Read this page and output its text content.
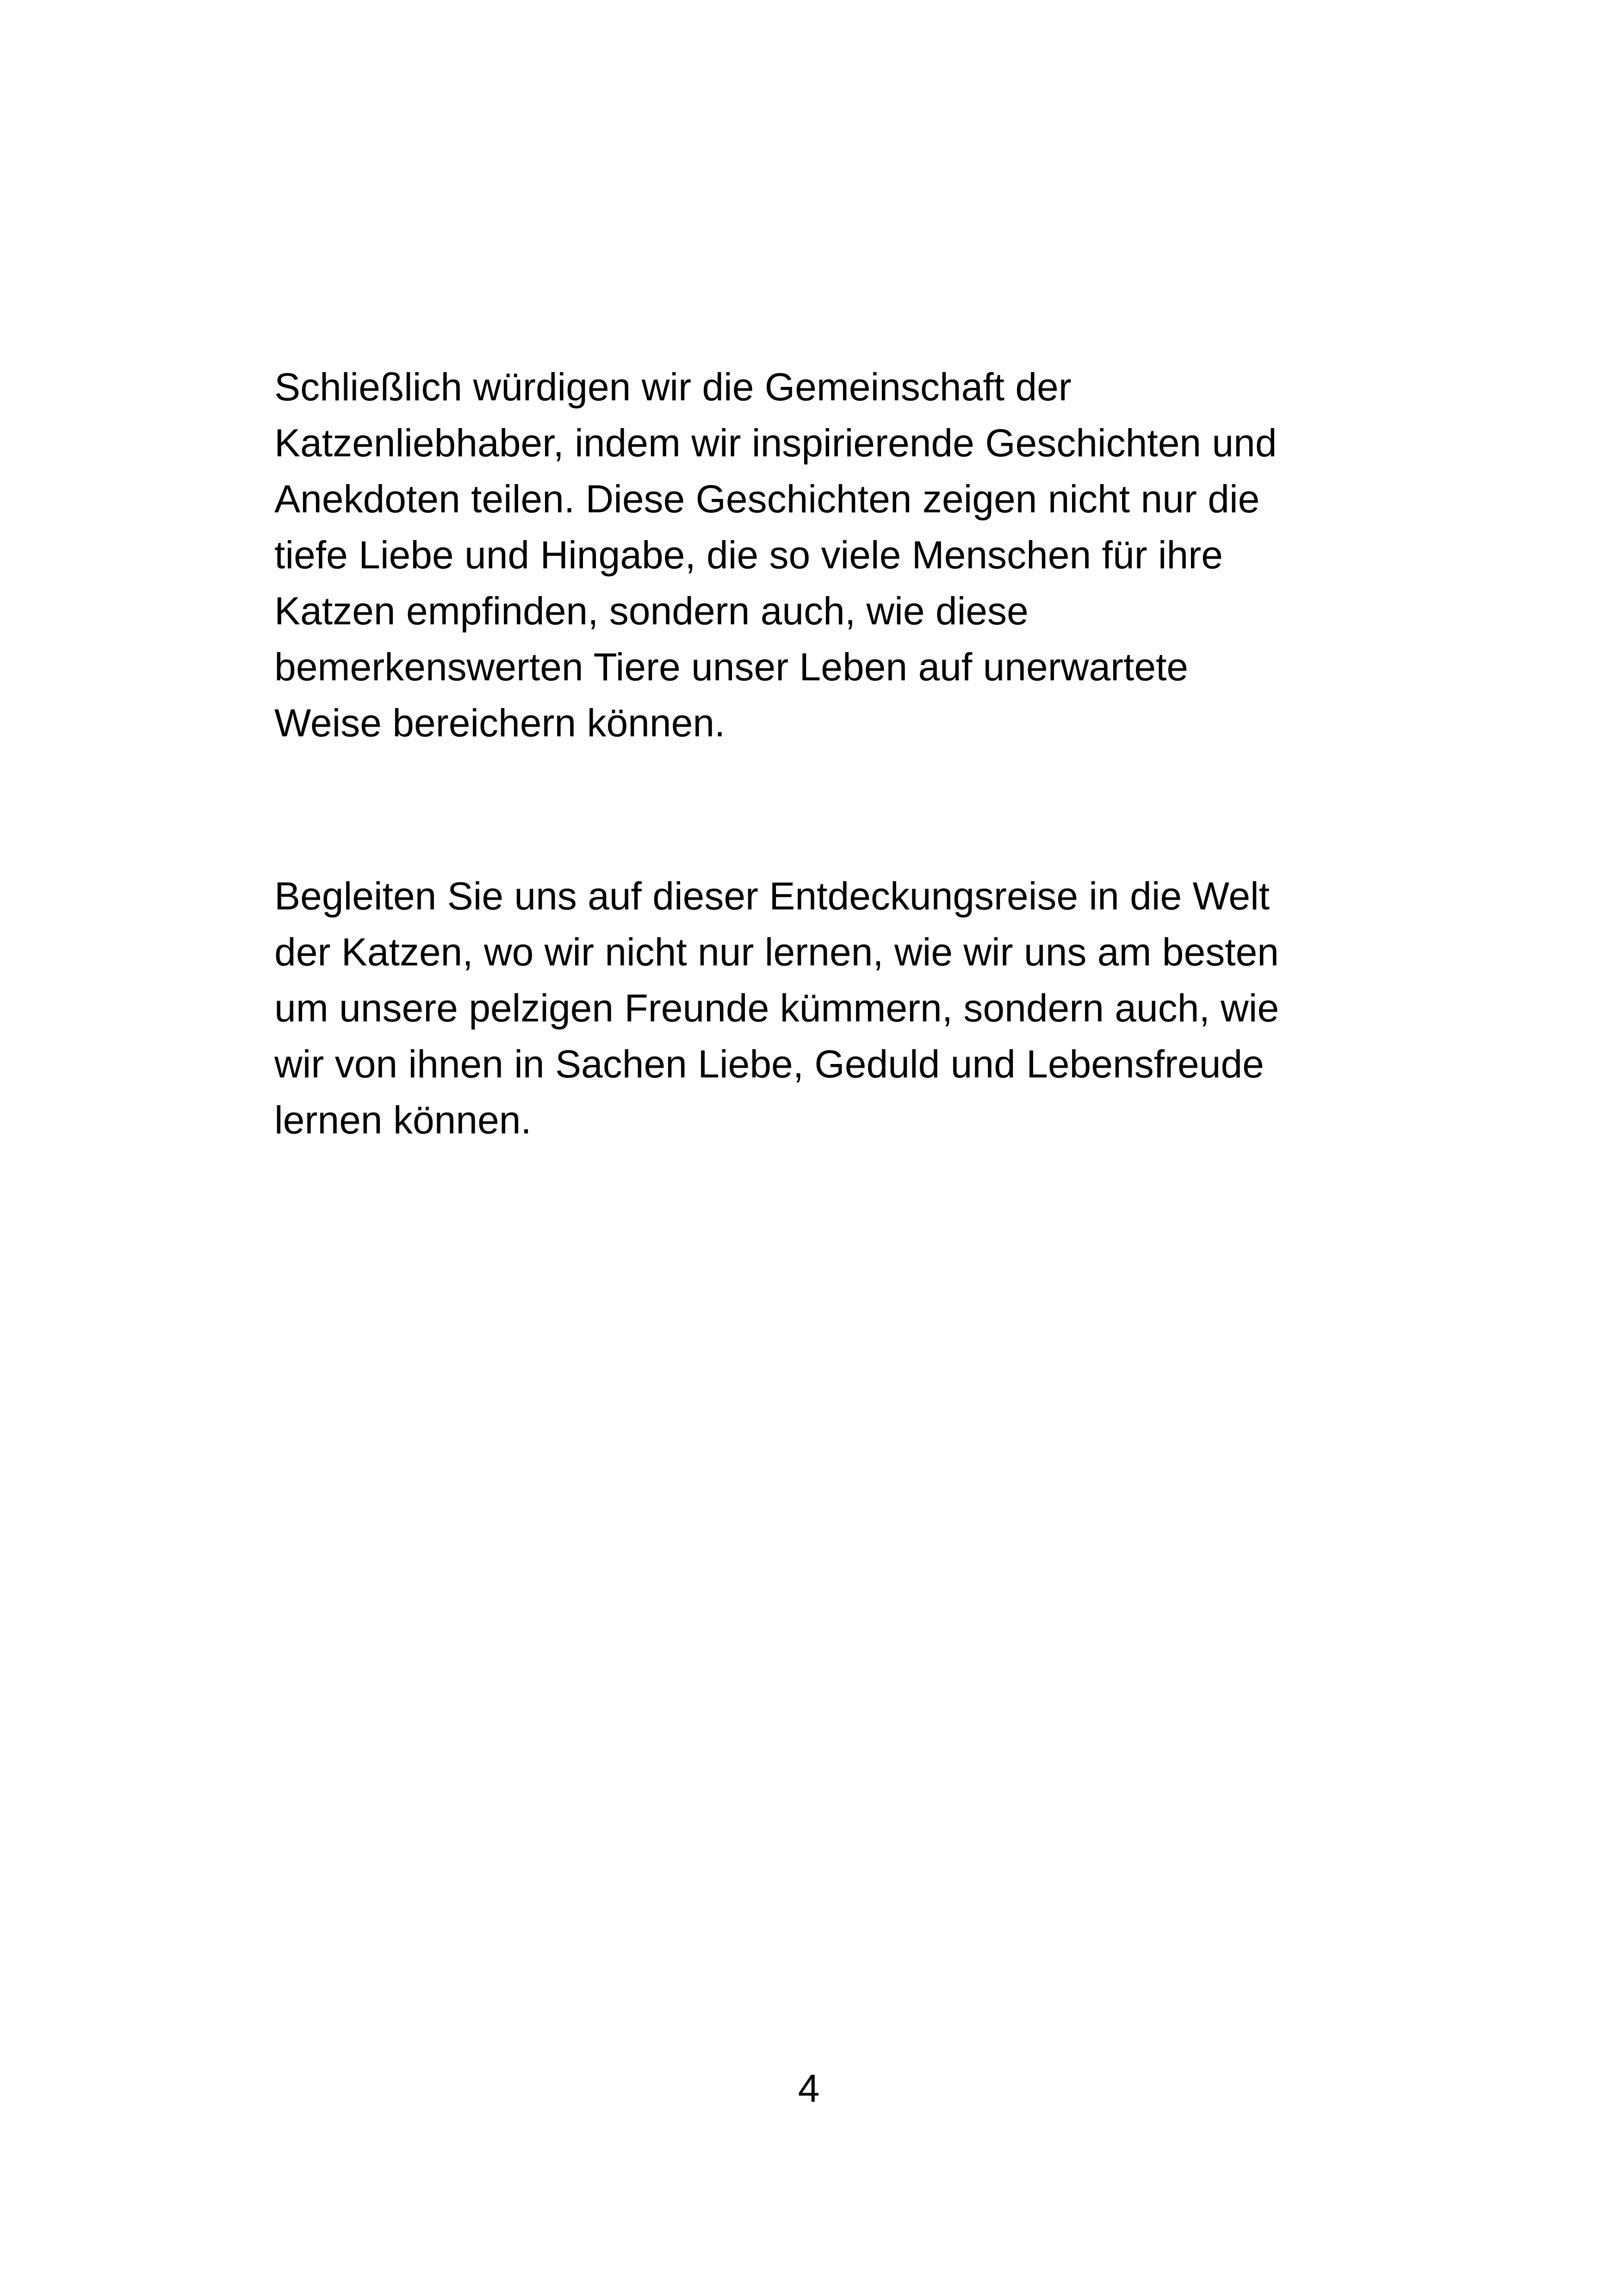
Schließlich würdigen wir die Gemeinschaft der
Katzenliebhaber, indem wir inspirierende Geschichten und
Anekdoten teilen. Diese Geschichten zeigen nicht nur die
tiefe Liebe und Hingabe, die so viele Menschen für ihre
Katzen empfinden, sondern auch, wie diese
bemerkenswerten Tiere unser Leben auf unerwartete
Weise bereichern können.
Begleiten Sie uns auf dieser Entdeckungsreise in die Welt
der Katzen, wo wir nicht nur lernen, wie wir uns am besten
um unsere pelzigen Freunde kümmern, sondern auch, wie
wir von ihnen in Sachen Liebe, Geduld und Lebensfreude
lernen können.
4
